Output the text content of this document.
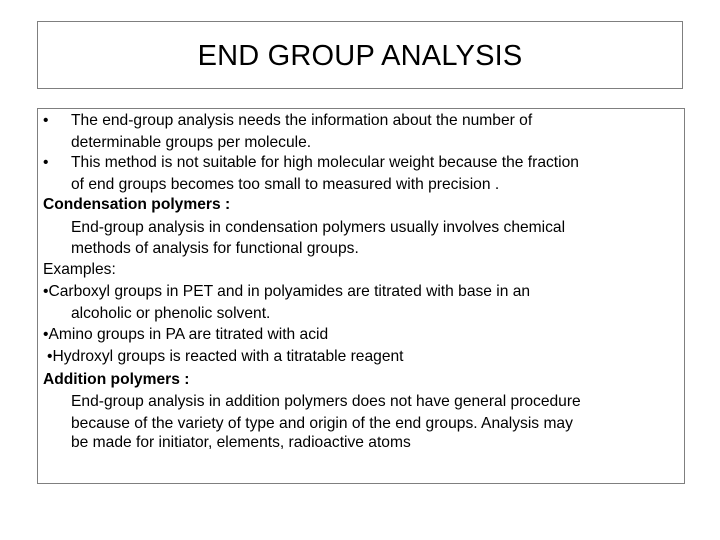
END GROUP ANALYSIS
• The end-group analysis needs the information about the number of
determinable groups per molecule.
• This method is not suitable for high molecular weight because the fraction
of end groups becomes too small to measured with precision .
Condensation polymers :
End-group analysis in condensation polymers usually involves chemical
methods of analysis for functional groups.
Examples:
•Carboxyl groups in PET and in polyamides are titrated with base in an
alcoholic or phenolic solvent.
•Amino groups in PA are titrated with acid
•Hydroxyl groups is reacted with a titratable reagent
Addition polymers :
End-group analysis in addition polymers does not have general procedure
because of the variety of type and origin of the end groups. Analysis may
be made for initiator, elements, radioactive atoms
